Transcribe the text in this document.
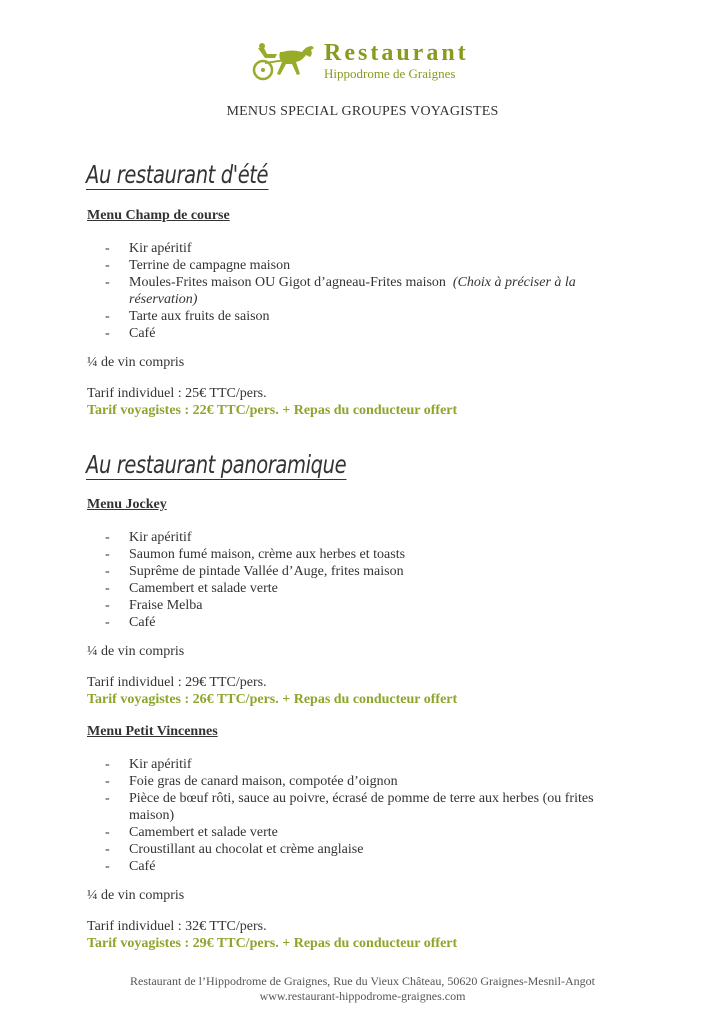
Restaurant
Hippodrome de Graignes
MENUS SPECIAL GROUPES VOYAGISTES
Au restaurant d'été
Menu Champ de course
- Kir apéritif
- Terrine de campagne maison
- Moules-Frites maison OU Gigot d’agneau-Frites maison (Choix à préciser à la réservation)
- Tarte aux fruits de saison
- Café
¼ de vin compris
Tarif individuel : 25€ TTC/pers.
Tarif voyagistes : 22€ TTC/pers. + Repas du conducteur offert
Au restaurant panoramique
Menu Jockey
- Kir apéritif
- Saumon fumé maison, crème aux herbes et toasts
- Suprême de pintade Vallée d’Auge, frites maison
- Camembert et salade verte
- Fraise Melba
- Café
¼ de vin compris
Tarif individuel : 29€ TTC/pers.
Tarif voyagistes : 26€ TTC/pers. + Repas du conducteur offert
Menu Petit Vincennes
- Kir apéritif
- Foie gras de canard maison, compotée d’oignon
- Pièce de bœuf rôti, sauce au poivre, écrasé de pomme de terre aux herbes (ou frites maison)
- Camembert et salade verte
- Croustillant au chocolat et crème anglaise
- Café
¼ de vin compris
Tarif individuel : 32€ TTC/pers.
Tarif voyagistes : 29€ TTC/pers. + Repas du conducteur offert
Restaurant de l’Hippodrome de Graignes, Rue du Vieux Château, 50620 Graignes-Mesnil-Angot
www.restaurant-hippodrome-graignes.com
